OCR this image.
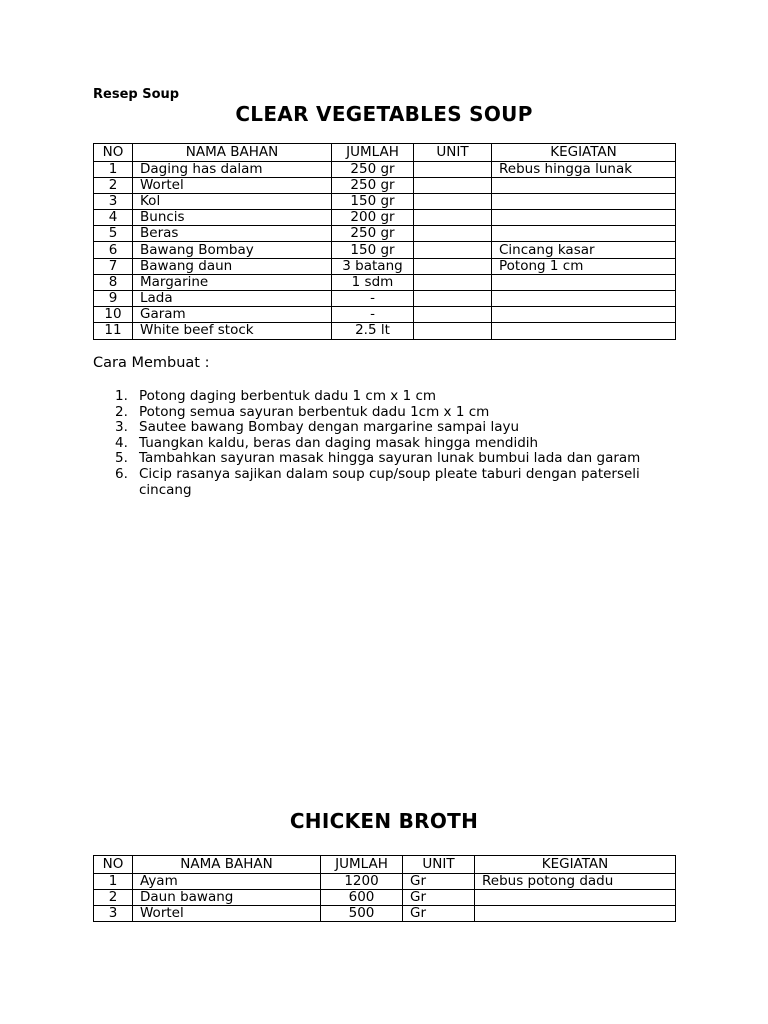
Resep Soup
CLEAR VEGETABLES SOUP
NO	NAMA BAHAN	JUMLAH	UNIT	KEGIATAN
1	Daging has dalam	250 gr		Rebus hingga lunak
2	Wortel	250 gr		
3	Kol	150 gr		
4	Buncis	200 gr		
5	Beras	250 gr		
6	Bawang Bombay	150 gr		Cincang kasar
7	Bawang daun	3 batang		Potong 1 cm
8	Margarine	1 sdm		
9	Lada	-		
10	Garam	-		
11	White beef stock	2.5 lt		
Cara Membuat :
1. Potong daging berbentuk dadu 1 cm x 1 cm
2. Potong semua sayuran berbentuk dadu 1cm x 1 cm
3. Sautee bawang Bombay dengan margarine sampai layu
4. Tuangkan kaldu, beras dan daging masak hingga mendidih
5. Tambahkan sayuran masak hingga sayuran lunak bumbui lada dan garam
6. Cicip rasanya sajikan dalam soup cup/soup pleate taburi dengan paterseli cincang
CHICKEN BROTH
NO	NAMA BAHAN	JUMLAH	UNIT	KEGIATAN
1	Ayam	1200	Gr	Rebus potong dadu
2	Daun bawang	600	Gr	
3	Wortel	500	Gr	
